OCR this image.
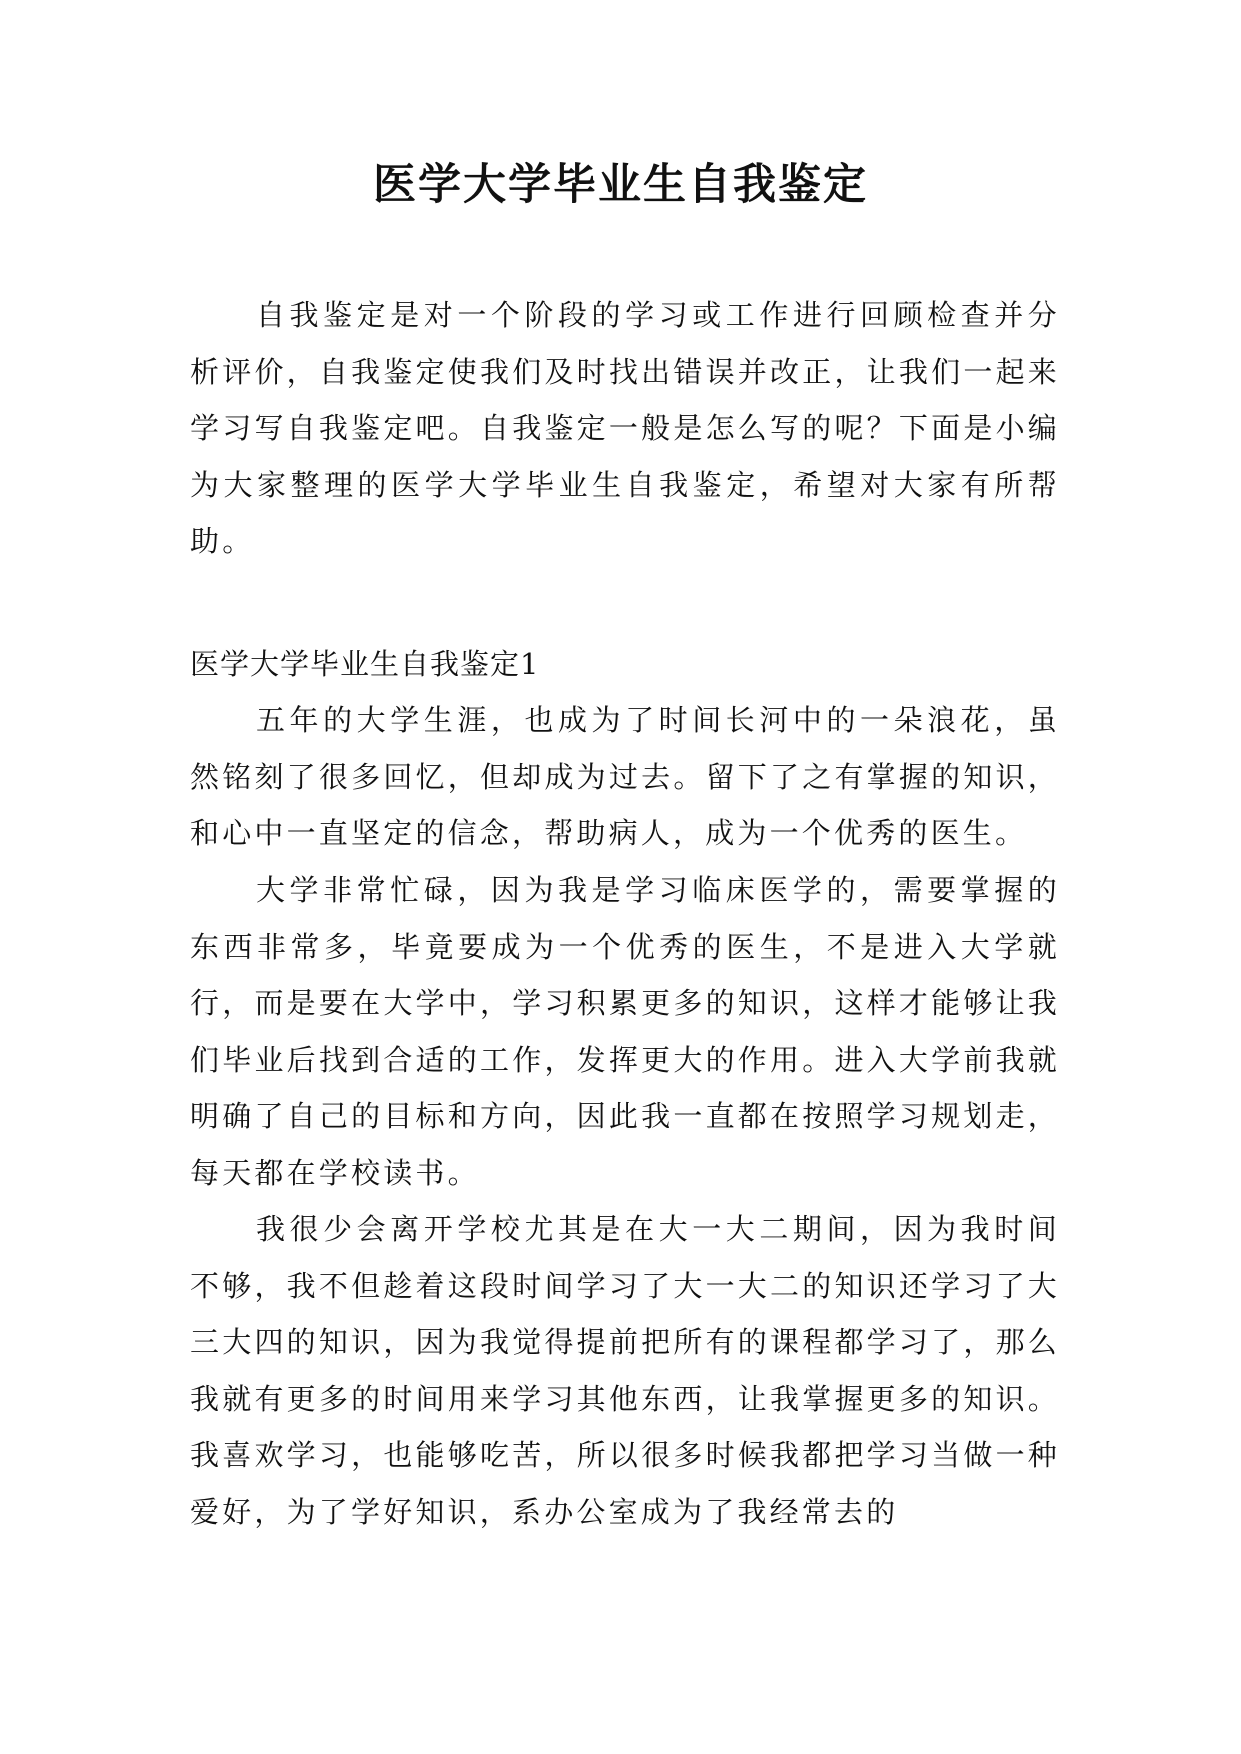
医学大学毕业生自我鉴定

自我鉴定是对一个阶段的学习或工作进行回顾检查并分析评价，自我鉴定使我们及时找出错误并改正，让我们一起来学习写自我鉴定吧。自我鉴定一般是怎么写的呢？下面是小编为大家整理的医学大学毕业生自我鉴定，希望对大家有所帮助。

医学大学毕业生自我鉴定1

五年的大学生涯，也成为了时间长河中的一朵浪花，虽然铭刻了很多回忆，但却成为过去。留下了之有掌握的知识，和心中一直坚定的信念，帮助病人，成为一个优秀的医生。

大学非常忙碌，因为我是学习临床医学的，需要掌握的东西非常多，毕竟要成为一个优秀的医生，不是进入大学就行，而是要在大学中，学习积累更多的知识，这样才能够让我们毕业后找到合适的工作，发挥更大的作用。进入大学前我就明确了自己的目标和方向，因此我一直都在按照学习规划走，每天都在学校读书。

我很少会离开学校尤其是在大一大二期间，因为我时间不够，我不但趁着这段时间学习了大一大二的知识还学习了大三大四的知识，因为我觉得提前把所有的课程都学习了，那么我就有更多的时间用来学习其他东西，让我掌握更多的知识。我喜欢学习，也能够吃苦，所以很多时候我都把学习当做一种爱好，为了学好知识，系办公室成为了我经常去的
